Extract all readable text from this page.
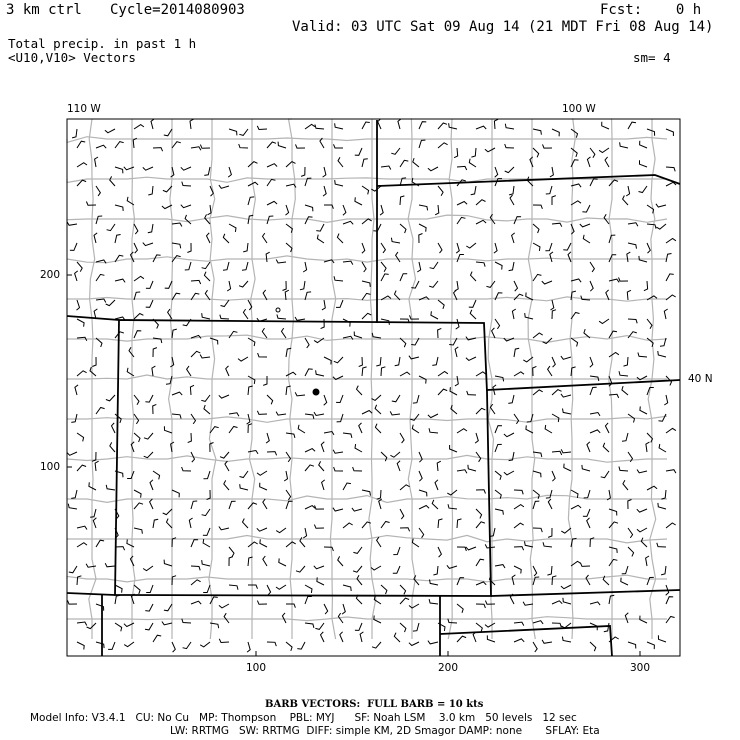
3 km ctrl Cycle=2014080903	Fcst:    0 h
Valid: 03 UTC Sat 09 Aug 14 (21 MDT Fri 08 Aug 14)
Total precip. in past 1 h
<U10,V10> Vectors	sm= 4
110 W	100 W
40 N
100	200	300
200
100
BARB VECTORS:  FULL BARB = 10 kts
Model Info: V3.4.1   CU: No Cu   MP: Thompson    PBL: MYJ      SF: Noah LSM    3.0 km   50 levels   12 sec
LW: RRTMG   SW: RRTMG  DIFF: simple KM, 2D Smagor DAMP: none       SFLAY: Eta
